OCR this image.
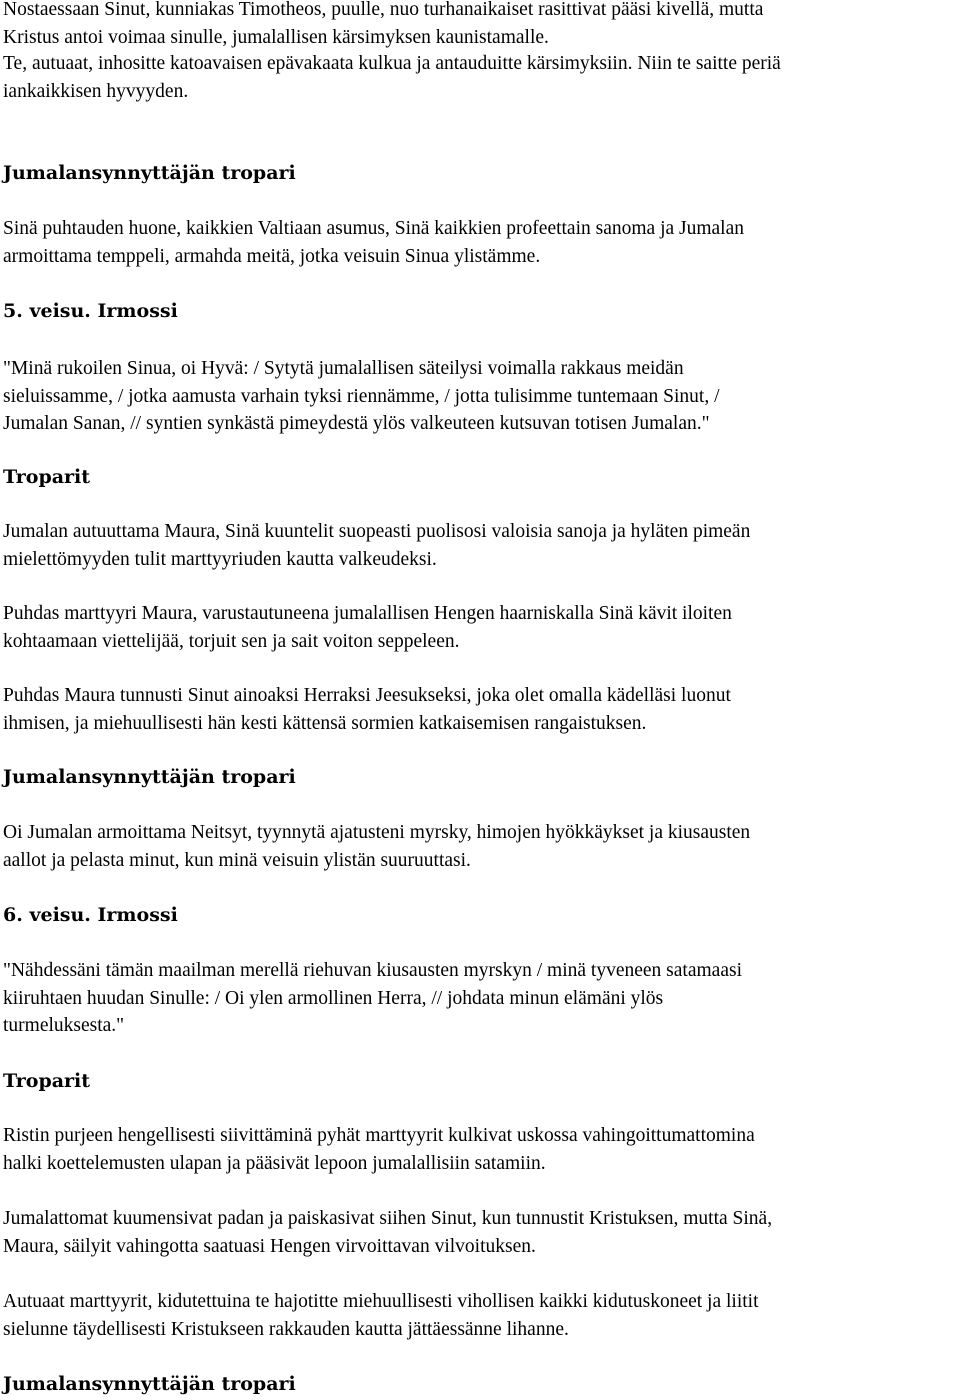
Nostaessaan Sinut, kunniakas Timotheos, puulle, nuo turhanaikaiset rasittivat pääsi kivellä, mutta
Kristus antoi voimaa sinulle, jumalallisen kärsimyksen kaunistamalle.

Te, autuaat, inhositte katoavaisen epävakaata kulkua ja antauduitte kärsimyksiin. Niin te saitte periä
iankaikkisen hyvyyden.

Jumalansynnyttäjän tropari

Sinä puhtauden huone, kaikkien Valtiaan asumus, Sinä kaikkien profeettain sanoma ja Jumalan
armoittama temppeli, armahda meitä, jotka veisuin Sinua ylistämme.

5. veisu. Irmossi

"Minä rukoilen Sinua, oi Hyvä: / Sytytä jumalallisen säteilysi voimalla rakkaus meidän
sieluissamme, / jotka aamusta varhain tyksi riennämme, / jotta tulisimme tuntemaan Sinut, /
Jumalan Sanan, // syntien synkästä pimeydestä ylös valkeuteen kutsuvan totisen Jumalan."

Troparit

Jumalan autuuttama Maura, Sinä kuuntelit suopeasti puolisosi valoisia sanoja ja hyläten pimeän
mielettömyyden tulit marttyyriuden kautta valkeudeksi.

Puhdas marttyyri Maura, varustautuneena jumalallisen Hengen haarniskalla Sinä kävit iloiten
kohtaamaan viettelijää, torjuit sen ja sait voiton seppeleen.

Puhdas Maura tunnusti Sinut ainoaksi Herraksi Jeesukseksi, joka olet omalla kädelläsi luonut
ihmisen, ja miehuullisesti hän kesti kättensä sormien katkaisemisen rangaistuksen.

Jumalansynnyttäjän tropari

Oi Jumalan armoittama Neitsyt, tyynnytä ajatusteni myrsky, himojen hyökkäykset ja kiusausten
aallot ja pelasta minut, kun minä veisuin ylistän suuruuttasi.

6. veisu. Irmossi

"Nähdessäni tämän maailman merellä riehuvan kiusausten myrskyn / minä tyveneen satamaasi
kiiruhtaen huudan Sinulle: / Oi ylen armollinen Herra, // johdata minun elämäni ylös
turmeluksesta."

Troparit

Ristin purjeen hengellisesti siivittäminä pyhät marttyyrit kulkivat uskossa vahingoittumattomina
halki koettelemusten ulapan ja pääsivät lepoon jumalallisiin satamiin.

Jumalattomat kuumensivat padan ja paiskasivat siihen Sinut, kun tunnustit Kristuksen, mutta Sinä,
Maura, säilyit vahingotta saatuasi Hengen virvoittavan vilvoituksen.

Autuaat marttyyrit, kidutettuina te hajotitte miehuullisesti vihollisen kaikki kidutuskoneet ja liitit
sielunne täydellisesti Kristukseen rakkauden kautta jättäessänne lihanne.

Jumalansynnyttäjän tropari
